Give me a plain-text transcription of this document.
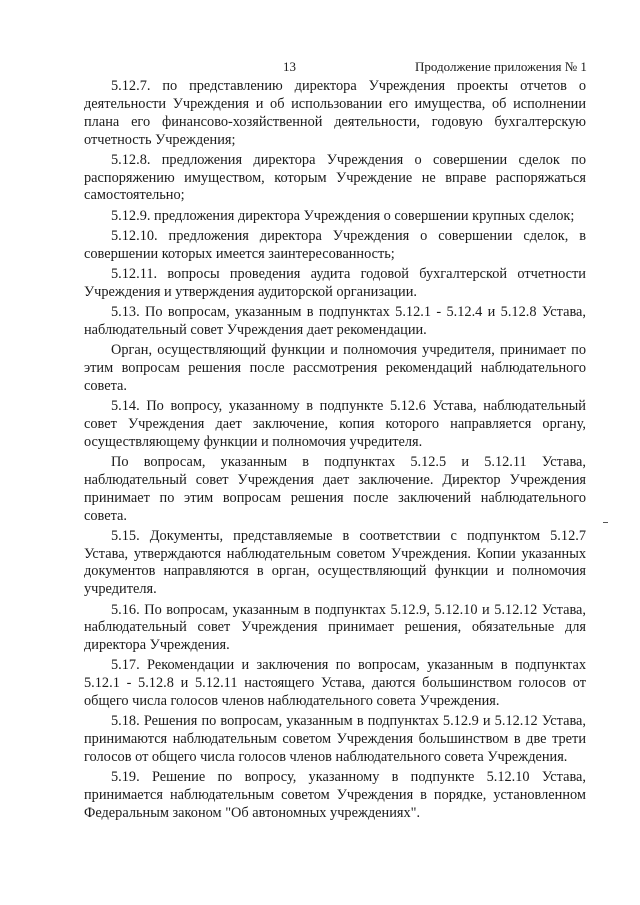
13	Продолжение приложения № 1

5.12.7. по представлению директора Учреждения проекты отчетов о деятельности Учреждения и об использовании его имущества, об исполнении плана его финансово-хозяйственной деятельности, годовую бухгалтерскую отчетность Учреждения;

5.12.8. предложения директора Учреждения о совершении сделок по распоряжению имуществом, которым Учреждение не вправе распоряжаться самостоятельно;

5.12.9. предложения директора Учреждения о совершении крупных сделок;

5.12.10. предложения директора Учреждения о совершении сделок, в совершении которых имеется заинтересованность;

5.12.11. вопросы проведения аудита годовой бухгалтерской отчетности Учреждения и утверждения аудиторской организации.

5.13. По вопросам, указанным в подпунктах 5.12.1 - 5.12.4 и 5.12.8 Устава, наблюдательный совет Учреждения дает рекомендации.

Орган, осуществляющий функции и полномочия учредителя, принимает по этим вопросам решения после рассмотрения рекомендаций наблюдательного совета.

5.14. По вопросу, указанному в подпункте 5.12.6 Устава, наблюдательный совет Учреждения дает заключение, копия которого направляется органу, осуществляющему функции и полномочия учредителя.

По вопросам, указанным в подпунктах 5.12.5 и 5.12.11 Устава, наблюдательный совет Учреждения дает заключение. Директор Учреждения принимает по этим вопросам решения после заключений наблюдательного совета.

5.15. Документы, представляемые в соответствии с подпунктом 5.12.7 Устава, утверждаются наблюдательным советом Учреждения. Копии указанных документов направляются в орган, осуществляющий функции и полномочия учредителя.

5.16. По вопросам, указанным в подпунктах 5.12.9, 5.12.10 и 5.12.12 Устава, наблюдательный совет Учреждения принимает решения, обязательные для директора Учреждения.

5.17. Рекомендации и заключения по вопросам, указанным в подпунктах 5.12.1 - 5.12.8 и 5.12.11 настоящего Устава, даются большинством голосов от общего числа голосов членов наблюдательного совета Учреждения.

5.18. Решения по вопросам, указанным в подпунктах 5.12.9 и 5.12.12 Устава, принимаются наблюдательным советом Учреждения большинством в две трети голосов от общего числа голосов членов наблюдательного совета Учреждения.

5.19. Решение по вопросу, указанному в подпункте 5.12.10 Устава, принимается наблюдательным советом Учреждения в порядке, установленном Федеральным законом "Об автономных учреждениях".
